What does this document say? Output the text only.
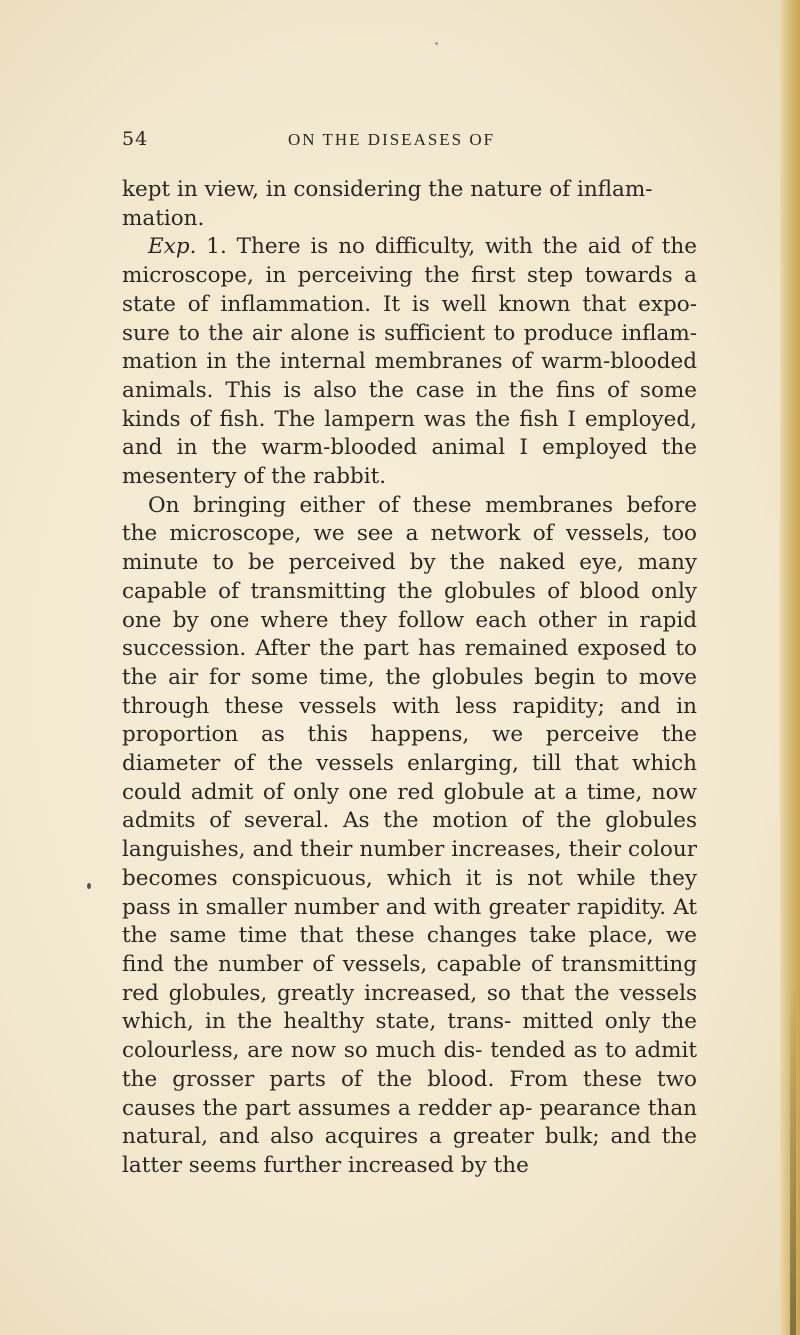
54	ON THE DISEASES OF

kept in view, in considering the nature of inflam-
mation.

Exp. 1. There is no difficulty, with the aid of the microscope, in perceiving the first step towards a state of inflammation. It is well known that expo- sure to the air alone is sufficient to produce inflam- mation in the internal membranes of warm-blooded animals. This is also the case in the fins of some kinds of fish. The lampern was the fish I employed, and in the warm-blooded animal I employed the mesentery of the rabbit.

On bringing either of these membranes before the microscope, we see a network of vessels, too minute to be perceived by the naked eye, many capable of transmitting the globules of blood only one by one where they follow each other in rapid succession. After the part has remained exposed to the air for some time, the globules begin to move through these vessels with less rapidity; and in proportion as this happens, we perceive the diameter of the vessels enlarging, till that which could admit of only one red globule at a time, now admits of several. As the motion of the globules languishes, and their number increases, their colour becomes conspicuous, which it is not while they pass in smaller number and with greater rapidity. At the same time that these changes take place, we find the number of vessels, capable of transmitting red globules, greatly increased, so that the vessels which, in the healthy state, trans- mitted only the colourless, are now so much dis- tended as to admit the grosser parts of the blood. From these two causes the part assumes a redder ap- pearance than natural, and also acquires a greater bulk; and the latter seems further increased by the
